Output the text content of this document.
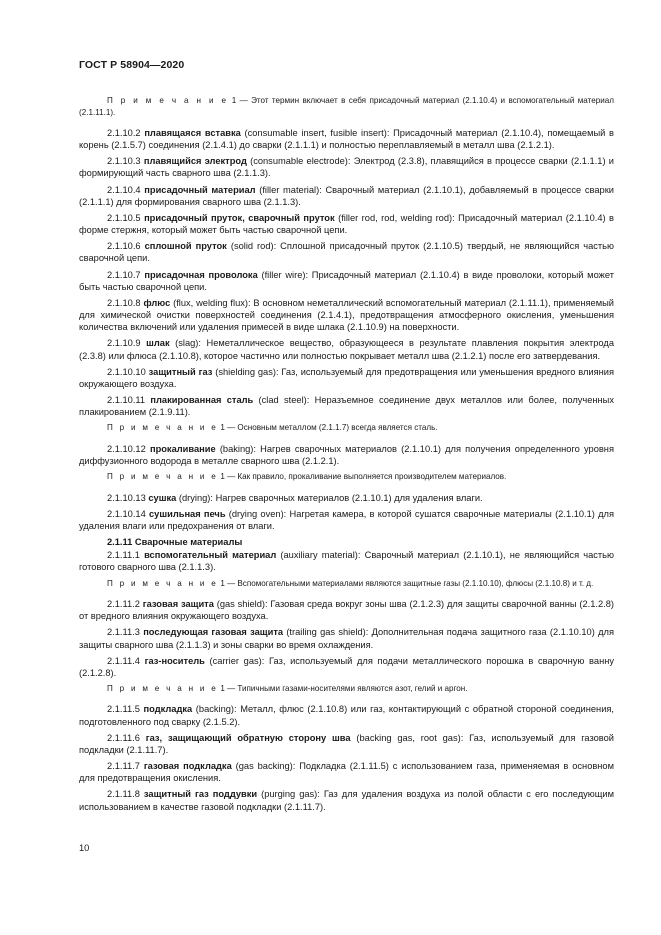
ГОСТ Р 58904—2020

П р и м е ч а н и е 1 — Этот термин включает в себя присадочный материал (2.1.10.4) и вспомогательный материал (2.1.11.1).

2.1.10.2 плавящаяся вставка (consumable insert, fusible insert): Присадочный материал (2.1.10.4), помещаемый в корень (2.1.5.7) соединения (2.1.4.1) до сварки (2.1.1.1) и полностью переплавляемый в металл шва (2.1.2.1).

2.1.10.3 плавящийся электрод (consumable electrode): Электрод (2.3.8), плавящийся в процессе сварки (2.1.1.1) и формирующий часть сварного шва (2.1.1.3).

2.1.10.4 присадочный материал (filler material): Сварочный материал (2.1.10.1), добавляемый в процессе сварки (2.1.1.1) для формирования сварного шва (2.1.1.3).

2.1.10.5 присадочный пруток, сварочный пруток (filler rod, rod, welding rod): Присадочный материал (2.1.10.4) в форме стержня, который может быть частью сварочной цепи.

2.1.10.6 сплошной пруток (solid rod): Сплошной присадочный пруток (2.1.10.5) твердый, не являющийся частью сварочной цепи.

2.1.10.7 присадочная проволока (filler wire): Присадочный материал (2.1.10.4) в виде проволоки, который может быть частью сварочной цепи.

2.1.10.8 флюс (flux, welding flux): В основном неметаллический вспомогательный материал (2.1.11.1), применяемый для химической очистки поверхностей соединения (2.1.4.1), предотвращения атмосферного окисления, уменьшения количества включений или удаления примесей в виде шлака (2.1.10.9) на поверхности.

2.1.10.9 шлак (slag): Неметаллическое вещество, образующееся в результате плавления покрытия электрода (2.3.8) или флюса (2.1.10.8), которое частично или полностью покрывает металл шва (2.1.2.1) после его затвердевания.

2.1.10.10 защитный газ (shielding gas): Газ, используемый для предотвращения или уменьшения вредного влияния окружающего воздуха.

2.1.10.11 плакированная сталь (clad steel): Неразъемное соединение двух металлов или более, полученных плакированием (2.1.9.11).

П р и м е ч а н и е 1 — Основным металлом (2.1.1.7) всегда является сталь.

2.1.10.12 прокаливание (baking): Нагрев сварочных материалов (2.1.10.1) для получения определенного уровня диффузионного водорода в металле сварного шва (2.1.2.1).

П р и м е ч а н и е 1 — Как правило, прокаливание выполняется производителем материалов.

2.1.10.13 сушка (drying): Нагрев сварочных материалов (2.1.10.1) для удаления влаги.

2.1.10.14 сушильная печь (drying oven): Нагретая камера, в которой сушатся сварочные материалы (2.1.10.1) для удаления влаги или предохранения от влаги.

2.1.11 Сварочные материалы

2.1.11.1 вспомогательный материал (auxiliary material): Сварочный материал (2.1.10.1), не являющийся частью готового сварного шва (2.1.1.3).

П р и м е ч а н и е 1 — Вспомогательными материалами являются защитные газы (2.1.10.10), флюсы (2.1.10.8) и т. д.

2.1.11.2 газовая защита (gas shield): Газовая среда вокруг зоны шва (2.1.2.3) для защиты сварочной ванны (2.1.2.8) от вредного влияния окружающего воздуха.

2.1.11.3 последующая газовая защита (trailing gas shield): Дополнительная подача защитного газа (2.1.10.10) для защиты сварного шва (2.1.1.3) и зоны сварки во время охлаждения.

2.1.11.4 газ-носитель (carrier gas): Газ, используемый для подачи металлического порошка в сварочную ванну (2.1.2.8).

П р и м е ч а н и е 1 — Типичными газами-носителями являются азот, гелий и аргон.

2.1.11.5 подкладка (backing): Металл, флюс (2.1.10.8) или газ, контактирующий с обратной стороной соединения, подготовленного под сварку (2.1.5.2).

2.1.11.6 газ, защищающий обратную сторону шва (backing gas, root gas): Газ, используемый для газовой подкладки (2.1.11.7).

2.1.11.7 газовая подкладка (gas backing): Подкладка (2.1.11.5) с использованием газа, применяемая в основном для предотвращения окисления.

2.1.11.8 защитный газ поддувки (purging gas): Газ для удаления воздуха из полой области с его последующим использованием в качестве газовой подкладки (2.1.11.7).

10
